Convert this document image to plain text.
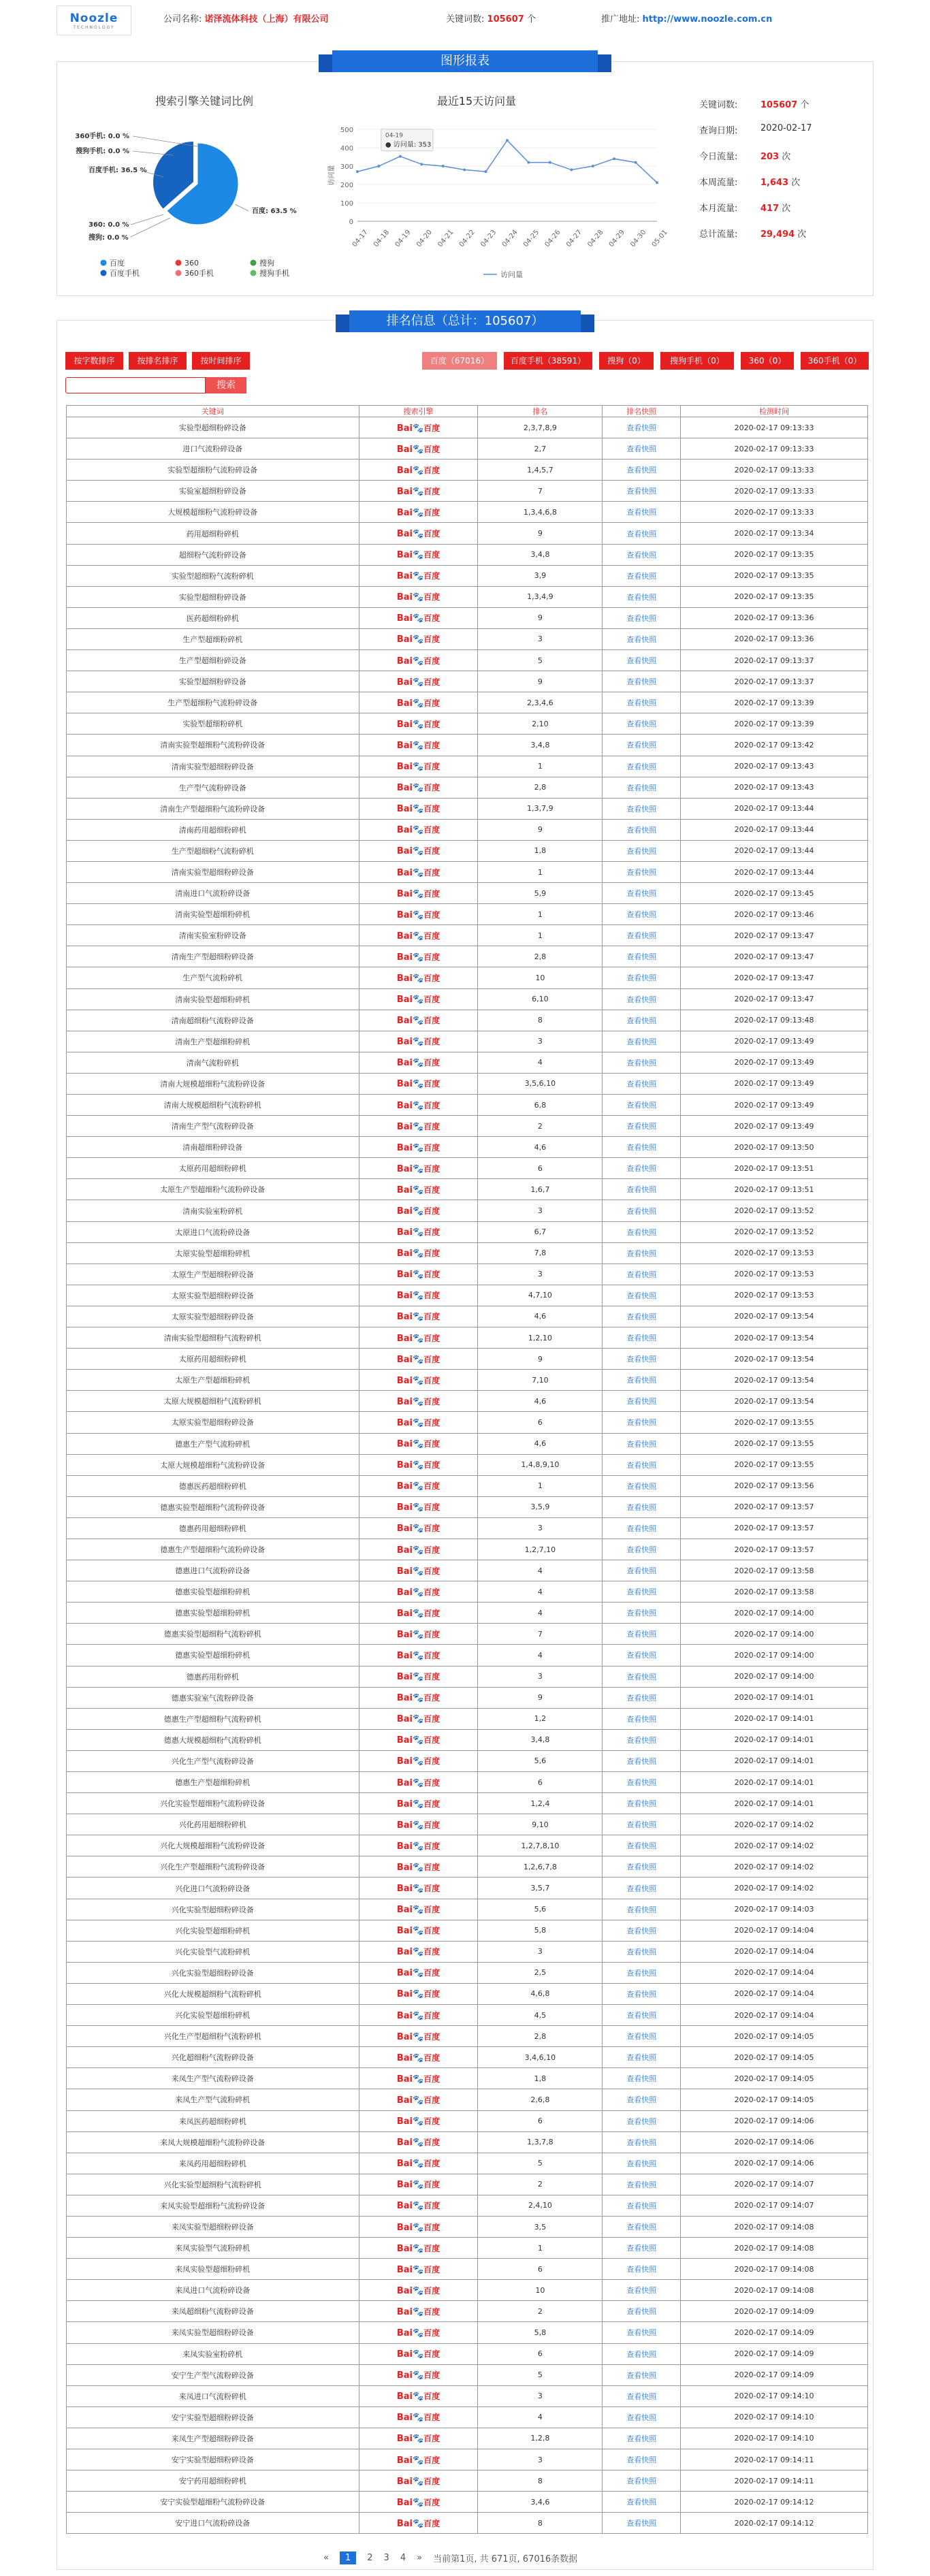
Noozle
TECHNOLOGY
公司名称: 诺泽流体科技（上海）有限公司	关键词数: 105607 个	推广地址: http://www.noozle.com.cn
图形报表
搜索引擎关键词比例
360手机: 0.0 %
搜狗手机: 0.0 %
百度手机: 36.5 %
百度: 63.5 %
360: 0.0 %
搜狗: 0.0 %
百度	360	搜狗
百度手机	360手机	搜狗手机
最近15天访问量
0
100
200
300
400
500
访问量
04-17 04-18 04-19 04-20 04-21 04-22 04-23 04-24 04-25 04-26 04-27 04-28 04-29 04-30 05-01
04-19
● 访问量: 353
访问量
关键词数:	105607 个
查询日期:	2020-02-17
今日流量:	203 次
本周流量:	1,643 次
本月流量:	417 次
总计流量:	29,494 次
排名信息（总计：105607）
按字数排序	按排名排序	按时间排序	百度（67016）	百度手机（38591）	搜狗（0）	搜狗手机（0）	360（0）	360手机（0）
搜索
关键词	搜索引擎	排名	排名快照	检测时间
实验型超细粉碎设备	Bai🐾百度	2,3,7,8,9	查看快照	2020-02-17 09:13:33
进口气流粉碎设备	Bai🐾百度	2,7	查看快照	2020-02-17 09:13:33
实验型超细粉气流粉碎设备	Bai🐾百度	1,4,5,7	查看快照	2020-02-17 09:13:33
实验室超细粉碎设备	Bai🐾百度	7	查看快照	2020-02-17 09:13:33
大规模超细粉气流粉碎设备	Bai🐾百度	1,3,4,6,8	查看快照	2020-02-17 09:13:33
药用超细粉碎机	Bai🐾百度	9	查看快照	2020-02-17 09:13:34
超细粉气流粉碎设备	Bai🐾百度	3,4,8	查看快照	2020-02-17 09:13:35
实验型超细粉气流粉碎机	Bai🐾百度	3,9	查看快照	2020-02-17 09:13:35
实验型超细粉碎设备	Bai🐾百度	1,3,4,9	查看快照	2020-02-17 09:13:35
医药超细粉碎机	Bai🐾百度	9	查看快照	2020-02-17 09:13:36
生产型超细粉碎机	Bai🐾百度	3	查看快照	2020-02-17 09:13:36
生产型超细粉碎设备	Bai🐾百度	5	查看快照	2020-02-17 09:13:37
实验型超细粉碎设备	Bai🐾百度	9	查看快照	2020-02-17 09:13:37
生产型超细粉气流粉碎设备	Bai🐾百度	2,3,4,6	查看快照	2020-02-17 09:13:39
实验型超细粉碎机	Bai🐾百度	2,10	查看快照	2020-02-17 09:13:39
清南实验型超细粉气流粉碎设备	Bai🐾百度	3,4,8	查看快照	2020-02-17 09:13:42
清南实验型超细粉碎设备	Bai🐾百度	1	查看快照	2020-02-17 09:13:43
生产型气流粉碎设备	Bai🐾百度	2,8	查看快照	2020-02-17 09:13:43
清南生产型超细粉气流粉碎设备	Bai🐾百度	1,3,7,9	查看快照	2020-02-17 09:13:44
清南药用超细粉碎机	Bai🐾百度	9	查看快照	2020-02-17 09:13:44
生产型超细粉气流粉碎机	Bai🐾百度	1,8	查看快照	2020-02-17 09:13:44
清南实验型超细粉碎设备	Bai🐾百度	1	查看快照	2020-02-17 09:13:44
清南进口气流粉碎设备	Bai🐾百度	5,9	查看快照	2020-02-17 09:13:45
清南实验型超细粉碎机	Bai🐾百度	1	查看快照	2020-02-17 09:13:46
清南实验室粉碎设备	Bai🐾百度	1	查看快照	2020-02-17 09:13:47
清南生产型超细粉碎设备	Bai🐾百度	2,8	查看快照	2020-02-17 09:13:47
生产型气流粉碎机	Bai🐾百度	10	查看快照	2020-02-17 09:13:47
清南实验型超细粉碎机	Bai🐾百度	6,10	查看快照	2020-02-17 09:13:47
清南超细粉气流粉碎设备	Bai🐾百度	8	查看快照	2020-02-17 09:13:48
清南生产型超细粉碎机	Bai🐾百度	3	查看快照	2020-02-17 09:13:49
清南气流粉碎机	Bai🐾百度	4	查看快照	2020-02-17 09:13:49
清南大规模超细粉气流粉碎设备	Bai🐾百度	3,5,6,10	查看快照	2020-02-17 09:13:49
清南大规模超细粉气流粉碎机	Bai🐾百度	6,8	查看快照	2020-02-17 09:13:49
清南生产型气流粉碎设备	Bai🐾百度	2	查看快照	2020-02-17 09:13:49
清南超细粉碎设备	Bai🐾百度	4,6	查看快照	2020-02-17 09:13:50
太原药用超细粉碎机	Bai🐾百度	6	查看快照	2020-02-17 09:13:51
太原生产型超细粉气流粉碎设备	Bai🐾百度	1,6,7	查看快照	2020-02-17 09:13:51
清南实验室粉碎机	Bai🐾百度	3	查看快照	2020-02-17 09:13:52
太原进口气流粉碎设备	Bai🐾百度	6,7	查看快照	2020-02-17 09:13:52
太原实验型超细粉碎机	Bai🐾百度	7,8	查看快照	2020-02-17 09:13:53
太原生产型超细粉碎设备	Bai🐾百度	3	查看快照	2020-02-17 09:13:53
太原实验型超细粉碎设备	Bai🐾百度	4,7,10	查看快照	2020-02-17 09:13:53
太原实验型超细粉碎设备	Bai🐾百度	4,6	查看快照	2020-02-17 09:13:54
清南实验型超细粉气流粉碎机	Bai🐾百度	1,2,10	查看快照	2020-02-17 09:13:54
太原药用超细粉碎机	Bai🐾百度	9	查看快照	2020-02-17 09:13:54
太原生产型超细粉碎机	Bai🐾百度	7,10	查看快照	2020-02-17 09:13:54
太原大规模超细粉气流粉碎机	Bai🐾百度	4,6	查看快照	2020-02-17 09:13:54
太原实验型超细粉碎设备	Bai🐾百度	6	查看快照	2020-02-17 09:13:55
德惠生产型气流粉碎机	Bai🐾百度	4,6	查看快照	2020-02-17 09:13:55
太原大规模超细粉气流粉碎设备	Bai🐾百度	1,4,8,9,10	查看快照	2020-02-17 09:13:55
德惠医药超细粉碎机	Bai🐾百度	1	查看快照	2020-02-17 09:13:56
德惠实验型超细粉气流粉碎设备	Bai🐾百度	3,5,9	查看快照	2020-02-17 09:13:57
德惠药用超细粉碎机	Bai🐾百度	3	查看快照	2020-02-17 09:13:57
德惠生产型超细粉气流粉碎设备	Bai🐾百度	1,2,7,10	查看快照	2020-02-17 09:13:57
德惠进口气流粉碎设备	Bai🐾百度	4	查看快照	2020-02-17 09:13:58
德惠实验型超细粉碎机	Bai🐾百度	4	查看快照	2020-02-17 09:13:58
德惠实验型超细粉碎机	Bai🐾百度	4	查看快照	2020-02-17 09:14:00
德惠实验型超细粉气流粉碎机	Bai🐾百度	7	查看快照	2020-02-17 09:14:00
德惠实验型超细粉碎机	Bai🐾百度	4	查看快照	2020-02-17 09:14:00
德惠药用粉碎机	Bai🐾百度	3	查看快照	2020-02-17 09:14:00
德惠实验室气流粉碎设备	Bai🐾百度	9	查看快照	2020-02-17 09:14:01
德惠生产型超细粉气流粉碎机	Bai🐾百度	1,2	查看快照	2020-02-17 09:14:01
德惠大规模超细粉气流粉碎机	Bai🐾百度	3,4,8	查看快照	2020-02-17 09:14:01
兴化生产型气流粉碎设备	Bai🐾百度	5,6	查看快照	2020-02-17 09:14:01
德惠生产型超细粉碎机	Bai🐾百度	6	查看快照	2020-02-17 09:14:01
兴化实验型超细粉气流粉碎设备	Bai🐾百度	1,2,4	查看快照	2020-02-17 09:14:01
兴化药用超细粉碎机	Bai🐾百度	9,10	查看快照	2020-02-17 09:14:02
兴化大规模超细粉气流粉碎设备	Bai🐾百度	1,2,7,8,10	查看快照	2020-02-17 09:14:02
兴化生产型超细粉气流粉碎设备	Bai🐾百度	1,2,6,7,8	查看快照	2020-02-17 09:14:02
兴化进口气流粉碎设备	Bai🐾百度	3,5,7	查看快照	2020-02-17 09:14:02
兴化实验型超细粉碎设备	Bai🐾百度	5,6	查看快照	2020-02-17 09:14:03
兴化实验型超细粉碎机	Bai🐾百度	5,8	查看快照	2020-02-17 09:14:04
兴化实验型气流粉碎机	Bai🐾百度	3	查看快照	2020-02-17 09:14:04
兴化实验型超细粉碎设备	Bai🐾百度	2,5	查看快照	2020-02-17 09:14:04
兴化大规模超细粉气流粉碎机	Bai🐾百度	4,6,8	查看快照	2020-02-17 09:14:04
兴化实验型超细粉碎机	Bai🐾百度	4,5	查看快照	2020-02-17 09:14:04
兴化生产型超细粉气流粉碎机	Bai🐾百度	2,8	查看快照	2020-02-17 09:14:05
兴化超细粉气流粉碎设备	Bai🐾百度	3,4,6,10	查看快照	2020-02-17 09:14:05
来凤生产型气流粉碎设备	Bai🐾百度	1,8	查看快照	2020-02-17 09:14:05
来凤生产型气流粉碎机	Bai🐾百度	2,6,8	查看快照	2020-02-17 09:14:05
来凤医药超细粉碎机	Bai🐾百度	6	查看快照	2020-02-17 09:14:06
来凤大规模超细粉气流粉碎设备	Bai🐾百度	1,3,7,8	查看快照	2020-02-17 09:14:06
来凤药用超细粉碎机	Bai🐾百度	5	查看快照	2020-02-17 09:14:06
兴化实验型超细粉气流粉碎机	Bai🐾百度	2	查看快照	2020-02-17 09:14:07
来凤实验型超细粉气流粉碎设备	Bai🐾百度	2,4,10	查看快照	2020-02-17 09:14:07
来凤实验型超细粉碎设备	Bai🐾百度	3,5	查看快照	2020-02-17 09:14:08
来凤实验型气流粉碎机	Bai🐾百度	1	查看快照	2020-02-17 09:14:08
来凤实验型超细粉碎机	Bai🐾百度	6	查看快照	2020-02-17 09:14:08
来凤进口气流粉碎设备	Bai🐾百度	10	查看快照	2020-02-17 09:14:08
来凤超细粉气流粉碎设备	Bai🐾百度	2	查看快照	2020-02-17 09:14:09
来凤实验型超细粉碎设备	Bai🐾百度	5,8	查看快照	2020-02-17 09:14:09
来凤实验室粉碎机	Bai🐾百度	6	查看快照	2020-02-17 09:14:09
安宁生产型气流粉碎设备	Bai🐾百度	5	查看快照	2020-02-17 09:14:09
来凤进口气流粉碎机	Bai🐾百度	3	查看快照	2020-02-17 09:14:10
安宁实验型超细粉碎设备	Bai🐾百度	4	查看快照	2020-02-17 09:14:10
来凤生产型超细粉碎设备	Bai🐾百度	1,2,8	查看快照	2020-02-17 09:14:10
安宁实验型超细粉碎设备	Bai🐾百度	3	查看快照	2020-02-17 09:14:11
安宁药用超细粉碎机	Bai🐾百度	8	查看快照	2020-02-17 09:14:11
安宁实验型超细粉气流粉碎设备	Bai🐾百度	3,4,6	查看快照	2020-02-17 09:14:12
安宁进口气流粉碎设备	Bai🐾百度	8	查看快照	2020-02-17 09:14:12
«	1	2 3 4 » 当前第1页, 共 671页, 67016条数据
